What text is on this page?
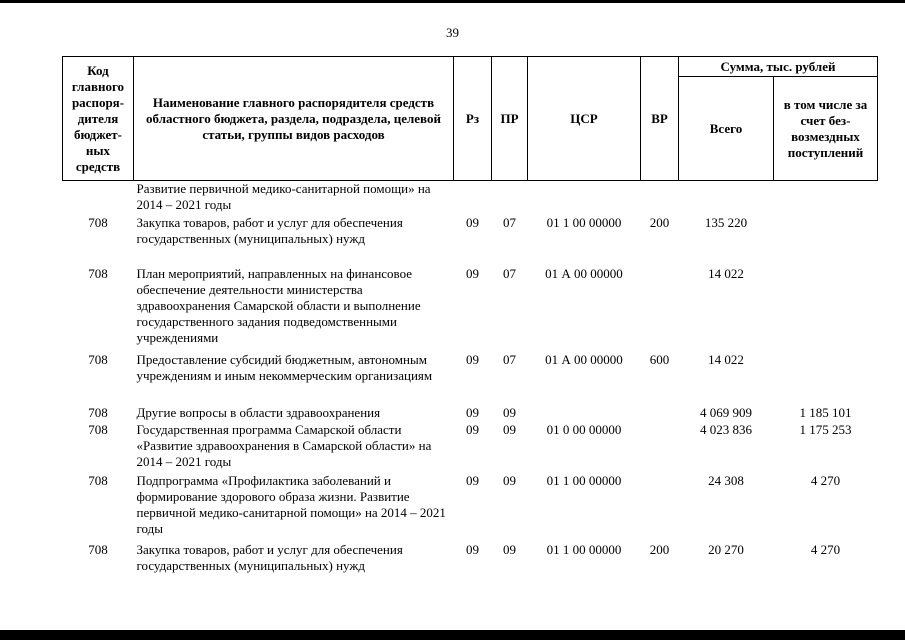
39
Код главного распоря-дителя бюджет-ных средств	Наименование главного распорядителя средств областного бюджета, раздела, подраздела, целевой статьи, группы видов расходов	Рз	ПР	ЦСР	ВР	Сумма, тыс. рублей	
						Всего	в том числе за счет без-возмездных поступлений
	Развитие первичной медико-санитарной помощи» на 2014 – 2021 годы						
708	Закупка товаров, работ и услуг для обеспечения государственных (муниципальных) нужд	09	07	01 1 00 00000	200	135 220	
708	План мероприятий, направленных на финансовое обеспечение деятельности министерства здравоохранения Самарской области и выполнение государственного задания подведомственными учреждениями	09	07	01 А 00 00000		14 022	
708	Предоставление субсидий бюджетным, автономным учреждениям и иным некоммерческим организациям	09	07	01 А 00 00000	600	14 022	
708	Другие вопросы в области здравоохранения	09	09			4 069 909	1 185 101
708	Государственная программа Самарской области «Развитие здравоохранения в Самарской области» на 2014 – 2021 годы	09	09	01 0 00 00000		4 023 836	1 175 253
708	Подпрограмма «Профилактика заболеваний и формирование здорового образа жизни. Развитие первичной медико-санитарной помощи» на 2014 – 2021 годы	09	09	01 1 00 00000		24 308	4 270
708	Закупка товаров, работ и услуг для обеспечения государственных (муниципальных) нужд	09	09	01 1 00 00000	200	20 270	4 270
